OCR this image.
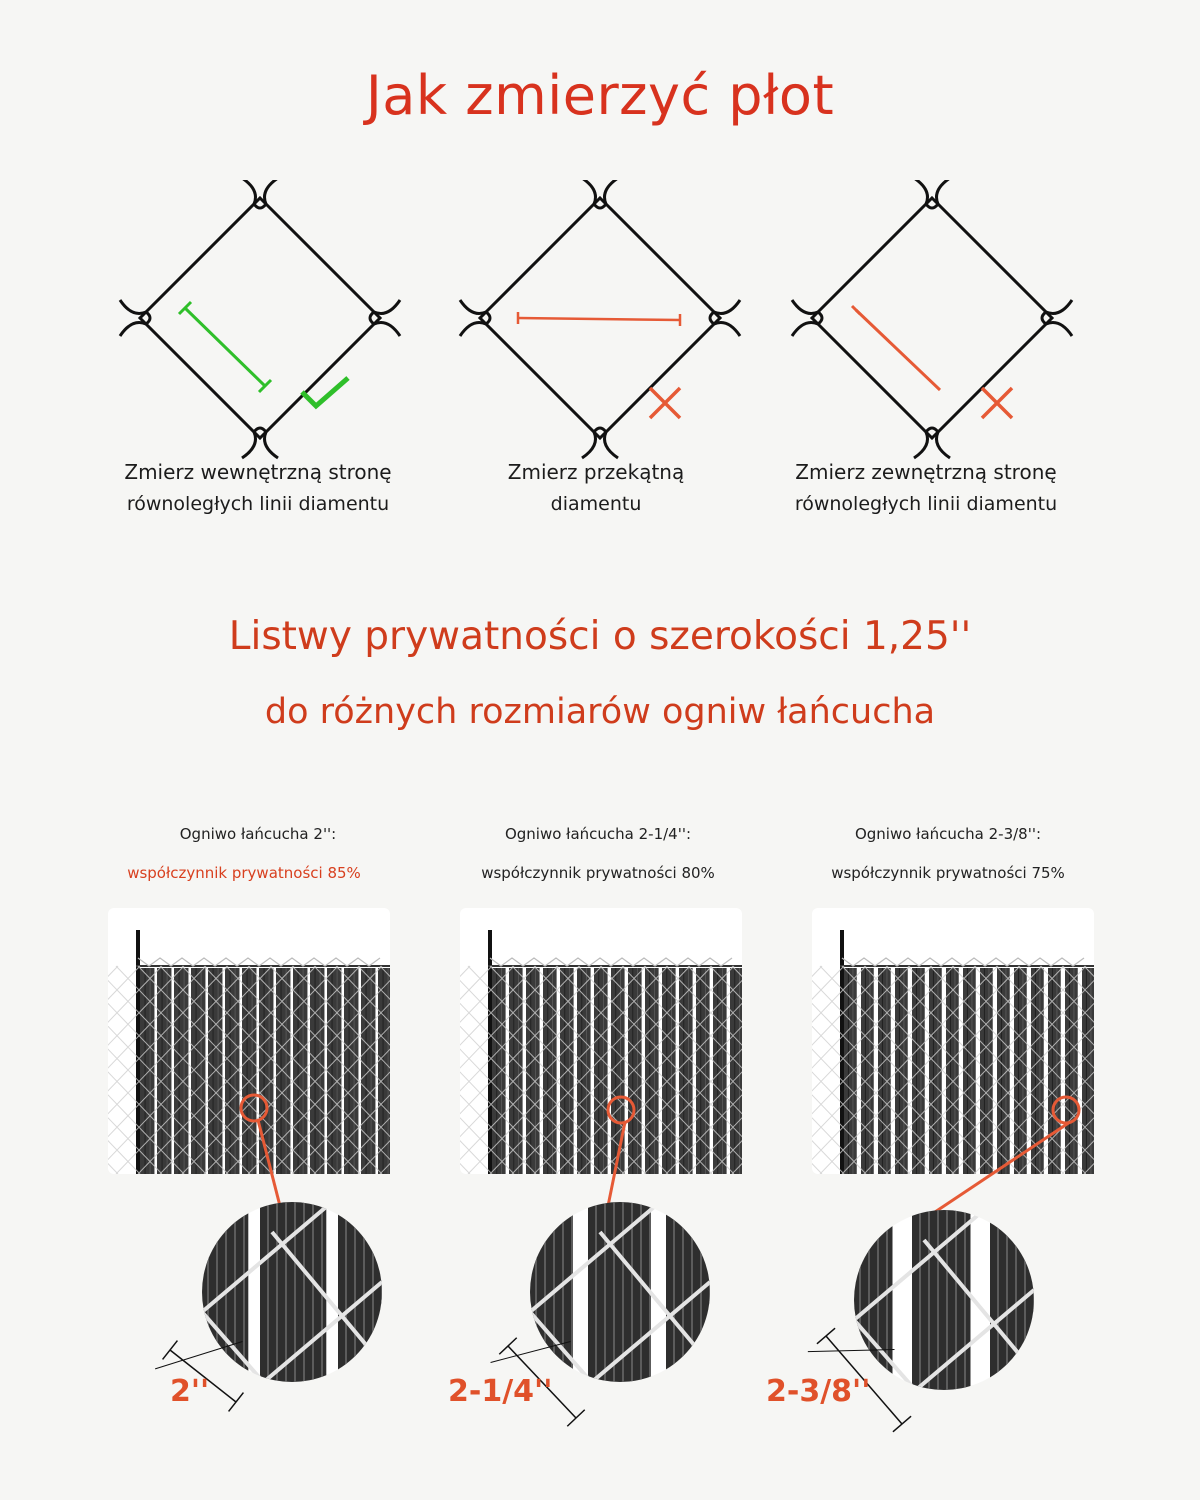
Jak zmierzyć płot
Zmierz wewnętrzną stronę
równoległych linii diamentu
Zmierz przekątną
diamentu
Zmierz zewnętrzną stronę
równoległych linii diamentu
Listwy prywatności o szerokości 1,25''
do różnych rozmiarów ogniw łańcucha
Ogniwo łańcucha 2'':
współczynnik prywatności 85%
Ogniwo łańcucha 2-1/4'':
współczynnik prywatności 80%
Ogniwo łańcucha 2-3/8'':
współczynnik prywatności 75%
2''	2-1/4''	2-3/8''
